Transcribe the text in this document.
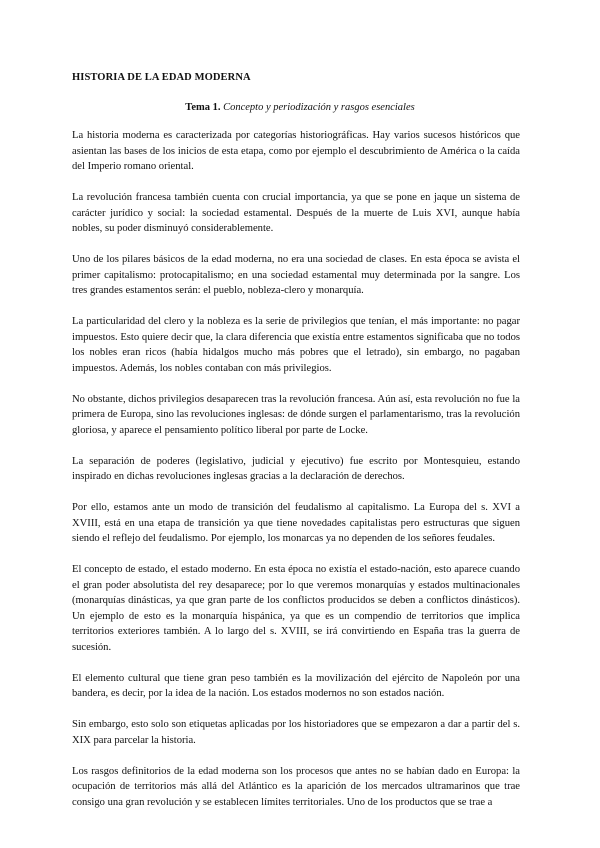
HISTORIA DE LA EDAD MODERNA
Tema 1. Concepto y periodización y rasgos esenciales

La historia moderna es caracterizada por categorías historiográficas. Hay varios sucesos históricos que asientan las bases de los inicios de esta etapa, como por ejemplo el descubrimiento de América o la caída del Imperio romano oriental.

La revolución francesa también cuenta con crucial importancia, ya que se pone en jaque un sistema de carácter jurídico y social: la sociedad estamental. Después de la muerte de Luis XVI, aunque había nobles, su poder disminuyó considerablemente.

Uno de los pilares básicos de la edad moderna, no era una sociedad de clases. En esta época se avista el primer capitalismo: protocapitalismo; en una sociedad estamental muy determinada por la sangre. Los tres grandes estamentos serán: el pueblo, nobleza-clero y monarquía.

La particularidad del clero y la nobleza es la serie de privilegios que tenían, el más importante: no pagar impuestos. Esto quiere decir que, la clara diferencia que existía entre estamentos significaba que no todos los nobles eran ricos (había hidalgos mucho más pobres que el letrado), sin embargo, no pagaban impuestos. Además, los nobles contaban con más privilegios.

No obstante, dichos privilegios desaparecen tras la revolución francesa. Aún así, esta revolución no fue la primera de Europa, sino las revoluciones inglesas: de dónde surgen el parlamentarismo, tras la revolución gloriosa, y aparece el pensamiento político liberal por parte de Locke.

La separación de poderes (legislativo, judicial y ejecutivo) fue escrito por Montesquieu, estando inspirado en dichas revoluciones inglesas gracias a la declaración de derechos.

Por ello, estamos ante un modo de transición del feudalismo al capitalismo. La Europa del s. XVI a XVIII, está en una etapa de transición ya que tiene novedades capitalistas pero estructuras que siguen siendo el reflejo del feudalismo. Por ejemplo, los monarcas ya no dependen de los señores feudales.

El concepto de estado, el estado moderno. En esta época no existía el estado-nación, esto aparece cuando el gran poder absolutista del rey desaparece; por lo que veremos monarquías y estados multinacionales (monarquías dinásticas, ya que gran parte de los conflictos producidos se deben a conflictos dinásticos). Un ejemplo de esto es la monarquía hispánica, ya que es un compendio de territorios que implica territorios exteriores también. A lo largo del s. XVIII, se irá convirtiendo en España tras la guerra de sucesión.

El elemento cultural que tiene gran peso también es la movilización del ejército de Napoleón por una bandera, es decir, por la idea de la nación. Los estados modernos no son estados nación.

Sin embargo, esto solo son etiquetas aplicadas por los historiadores que se empezaron a dar a partir del s. XIX para parcelar la historia.

Los rasgos definitorios de la edad moderna son los procesos que antes no se habían dado en Europa: la ocupación de territorios más allá del Atlántico es la aparición de los mercados ultramarinos que trae consigo una gran revolución y se establecen límites territoriales. Uno de los productos que se trae a
